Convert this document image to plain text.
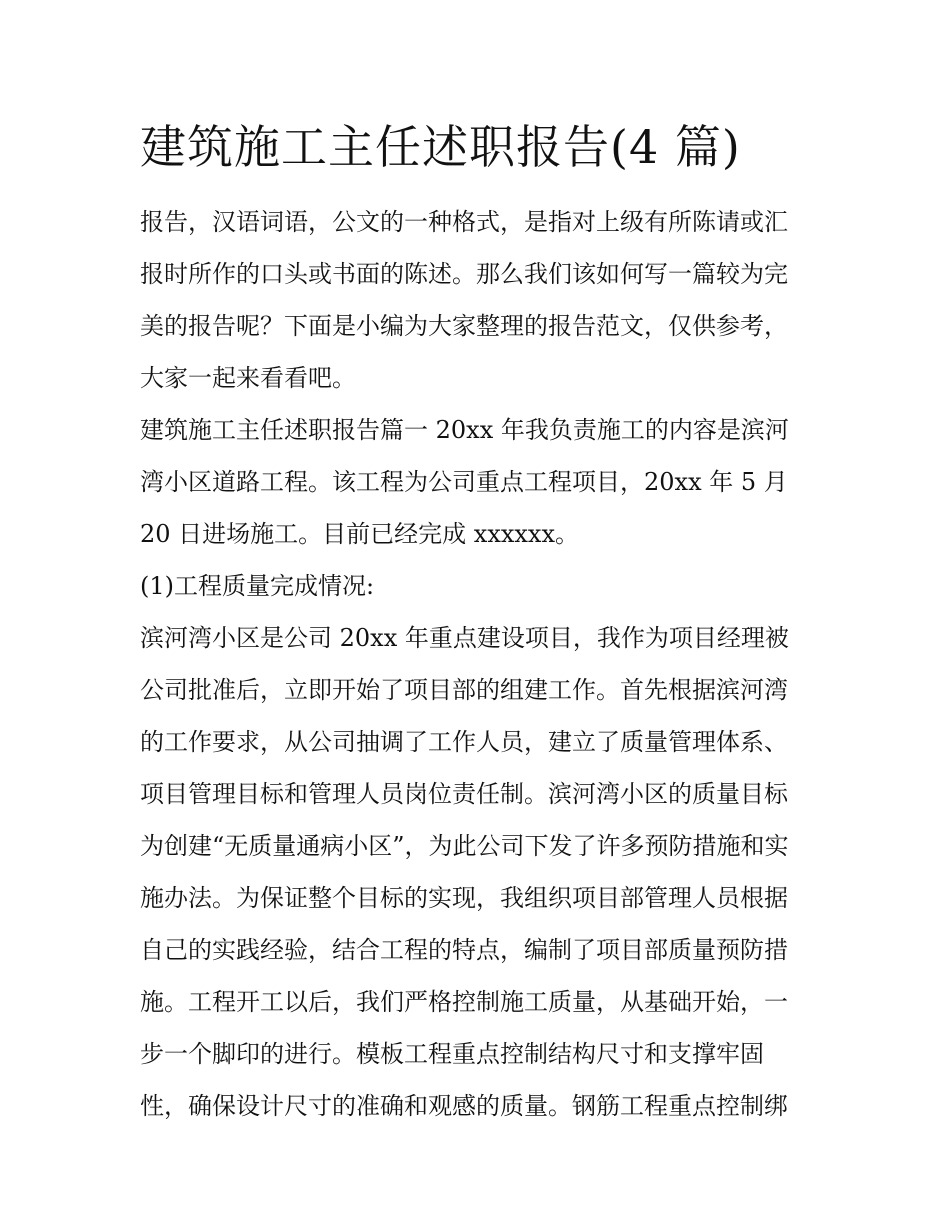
建筑施工主任述职报告(4 篇)

报告，汉语词语，公文的一种格式，是指对上级有所陈请或汇

报时所作的口头或书面的陈述。那么我们该如何写一篇较为完

美的报告呢？下面是小编为大家整理的报告范文，仅供参考，

大家一起来看看吧。

建筑施工主任述职报告篇一 20xx 年我负责施工的内容是滨河

湾小区道路工程。该工程为公司重点工程项目，20xx 年 5 月

20 日进场施工。目前已经完成 xxxxxx。

(1)工程质量完成情况:

滨河湾小区是公司 20xx 年重点建设项目，我作为项目经理被

公司批准后，立即开始了项目部的组建工作。首先根据滨河湾

的工作要求，从公司抽调了工作人员，建立了质量管理体系、

项目管理目标和管理人员岗位责任制。滨河湾小区的质量目标

为创建“无质量通病小区”，为此公司下发了许多预防措施和实

施办法。为保证整个目标的实现，我组织项目部管理人员根据

自己的实践经验，结合工程的特点，编制了项目部质量预防措

施。工程开工以后，我们严格控制施工质量，从基础开始，一

步一个脚印的进行。模板工程重点控制结构尺寸和支撑牢固

性，确保设计尺寸的准确和观感的质量。钢筋工程重点控制绑
